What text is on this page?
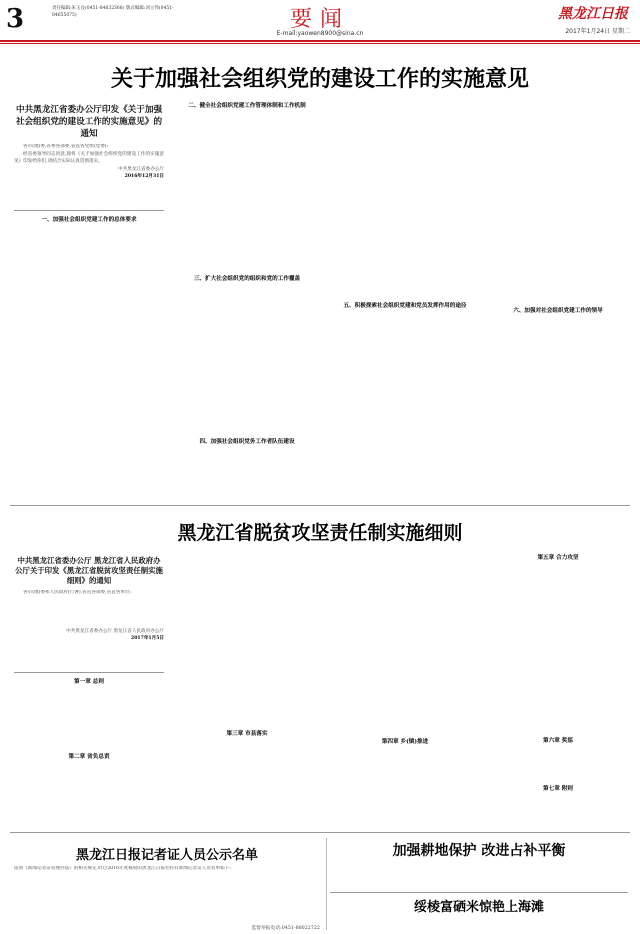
3	责任编辑:朱玉良(0451-84632366) 版式编辑:刘立伟(0451-84655075)	要闻
E-mail:yaowen8900@sina.cn
黑龙江日报
2017年1月24日 星期二
关于加强社会组织党的建设工作的实施意见
中共黑龙江省委办公厅印发《关于加强社会组织党的建设工作的实施意见》的通知

各市(地)委,省委各部委,省直各党组(党委):

经省委领导同志同意,现将《关于加强社会组织党的建设工作的实施意见》印发给你们,请结合实际认真贯彻落实。

中共黑龙江省委办公厅
2016年12月31日
一、加强社会组织党建工作的总体要求
二、健全社会组织党建工作管理体制和工作机制
三、扩大社会组织党的组织和党的工作覆盖
四、加强社会组织党务工作者队伍建设
五、积极探索社会组织党建和党员发挥作用的途径
六、加强对社会组织党建工作的领导
黑龙江省脱贫攻坚责任制实施细则
中共黑龙江省委办公厅 黑龙江省人民政府办公厅关于印发《黑龙江省脱贫攻坚责任制实施细则》的通知

各市(地)委和人民政府(行署),省直各部委,省直各单位:

中共黑龙江省委办公厅 黑龙江省人民政府办公厅
2017年1月5日
第一章 总则
第二章 省负总责
第三章 市县落实
第四章 乡(镇)推进
第五章 合力攻坚
第六章 奖惩
第七章 附则
黑龙江日报记者证人员公示名单
依照《新闻记者证管理办法》的相关规定,经过2016年度核验的黑龙江日报社持有新闻记者证人员名单如下:
监督举报电话:0451-88022722
加强耕地保护 改进占补平衡
绥棱富硒米惊艳上海滩
